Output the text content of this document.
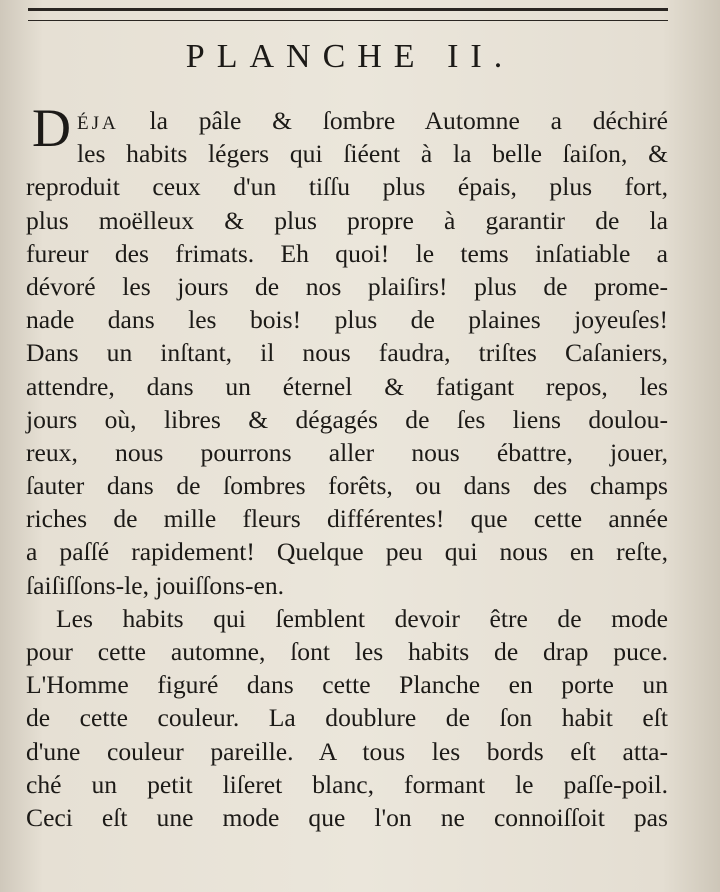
PLANCHE II.
DÉJA la pâle & ſombre Automne a déchiré
les habits légers qui ſiéent à la belle ſaiſon, &
reproduit ceux d'un tiſſu plus épais, plus fort,
plus moëlleux & plus propre à garantir de la
fureur des frimats. Eh quoi! le tems inſatiable a
dévoré les jours de nos plaiſirs! plus de prome-
nade dans les bois! plus de plaines joyeuſes!
Dans un inſtant, il nous faudra, triſtes Caſaniers,
attendre, dans un éternel & fatigant repos, les
jours où, libres & dégagés de ſes liens doulou-
reux, nous pourrons aller nous ébattre, jouer,
ſauter dans de ſombres forêts, ou dans des champs
riches de mille fleurs différentes! que cette année
a paſſé rapidement! Quelque peu qui nous en reſte,
ſaiſiſſons-le, jouiſſons-en.
Les habits qui ſemblent devoir être de mode
pour cette automne, ſont les habits de drap puce.
L'Homme figuré dans cette Planche en porte un
de cette couleur. La doublure de ſon habit eſt
d'une couleur pareille. A tous les bords eſt atta-
ché un petit liſeret blanc, formant le paſſe-poil.
Ceci eſt une mode que l'on ne connoiſſoit pas
